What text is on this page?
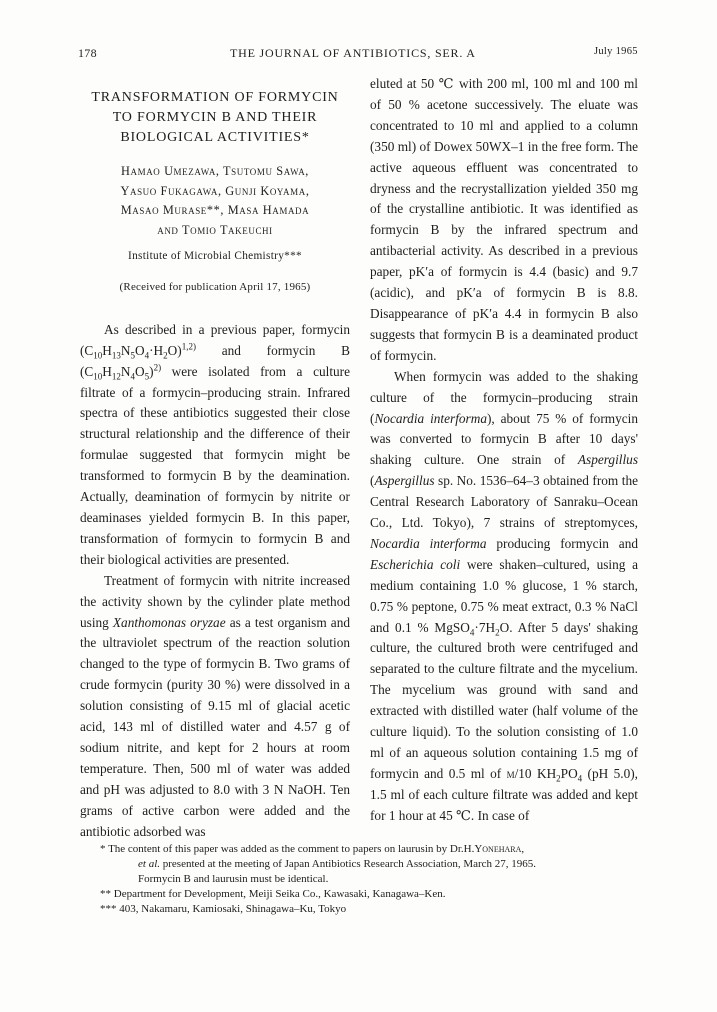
178	THE JOURNAL OF ANTIBIOTICS, SER. A	July 1965
TRANSFORMATION OF FORMYCIN
TO FORMYCIN B AND THEIR
BIOLOGICAL ACTIVITIES*
Hamao Umezawa, Tsutomu Sawa,
Yasuo Fukagawa, Gunji Koyama,
Masao Murase**, Masa Hamada
and Tomio Takeuchi
Institute of Microbial Chemistry***
(Received for publication April 17, 1965)

As described in a previous paper, formycin $(C_{10}H_{13}N_5O_4\cdot H_2O)^{1,2)}$ and formycin B $(C_{10}H_{12}N_4O_5)^{2)}$ were isolated from a culture filtrate of a formycin–producing strain. Infrared spectra of these antibiotics suggested their close structural relationship and the difference of their formulae suggested that formycin might be transformed to formycin B by the deamination. Actually, deamination of formycin by nitrite or deaminases yielded formycin B. In this paper, transformation of formycin to formycin B and their biological activities are presented.

Treatment of formycin with nitrite increased the activity shown by the cylinder plate method using Xanthomonas oryzae as a test organism and the ultraviolet spectrum of the reaction solution changed to the type of formycin B. Two grams of crude formycin (purity 30 %) were dissolved in a solution consisting of 9.15 ml of glacial acetic acid, 143 ml of distilled water and 4.57 g of sodium nitrite, and kept for 2 hours at room temperature. Then, 500 ml of water was added and pH was adjusted to 8.0 with 3 N NaOH. Ten grams of active carbon were added and the antibiotic adsorbed was

eluted at 50 ℃ with 200 ml, 100 ml and 100 ml of 50 % acetone successively. The eluate was concentrated to 10 ml and applied to a column (350 ml) of Dowex 50WX–1 in the free form. The active aqueous effluent was concentrated to dryness and the recrystallization yielded 350 mg of the crystalline antibiotic. It was identified as formycin B by the infrared spectrum and antibacterial activity. As described in a previous paper, pK′a of formycin is 4.4 (basic) and 9.7 (acidic), and pK′a of formycin B is 8.8. Disappearance of pK′a 4.4 in formycin B also suggests that formycin B is a deaminated product of formycin.

When formycin was added to the shaking culture of the formycin–producing strain (Nocardia interforma), about 75 % of formycin was converted to formycin B after 10 days' shaking culture. One strain of Aspergillus (Aspergillus sp. No. 1536–64–3 obtained from the Central Research Laboratory of Sanraku–Ocean Co., Ltd. Tokyo), 7 strains of streptomyces, Nocardia interforma producing formycin and Escherichia coli were shaken–cultured, using a medium containing 1.0 % glucose, 1 % starch, 0.75 % peptone, 0.75 % meat extract, 0.3 % NaCl and 0.1 % $MgSO_4\cdot 7H_2O$. After 5 days' shaking culture, the cultured broth were centrifuged and separated to the culture filtrate and the mycelium. The mycelium was ground with sand and extracted with distilled water (half volume of the culture liquid). To the solution consisting of 1.0 ml of an aqueous solution containing 1.5 mg of formycin and 0.5 ml of m/10 $KH_2PO_4$ (pH 5.0), 1.5 ml of each culture filtrate was added and kept for 1 hour at 45 ℃. In case of

* The content of this paper was added as the comment to papers on laurusin by Dr.H.Yonehara,
et al. presented at the meeting of Japan Antibiotics Research Association, March 27, 1965.
Formycin B and laurusin must be identical.
** Department for Development, Meiji Seika Co., Kawasaki, Kanagawa–Ken.
*** 403, Nakamaru, Kamiosaki, Shinagawa–Ku, Tokyo
